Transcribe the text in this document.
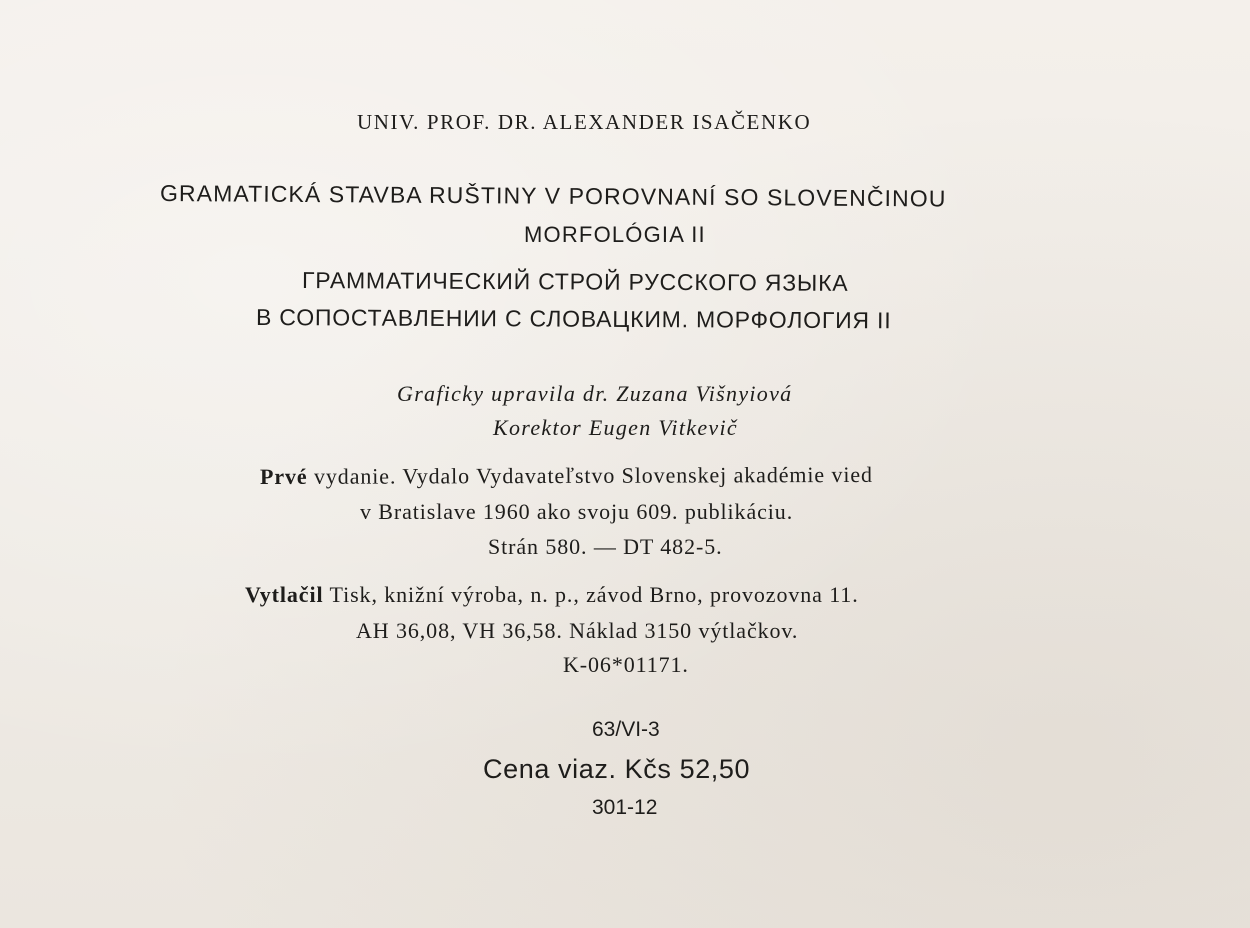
UNIV. PROF. DR. ALEXANDER ISAČENKO

GRAMATICKÁ STAVBA RUŠTINY V POROVNANÍ SO SLOVENČINOU

MORFOLÓGIA II

ГРАММАТИЧЕСКИЙ СТРОЙ РУССКОГО ЯЗЫКА

В СОПОСТАВЛЕНИИ С СЛОВАЦКИМ. МОРФОЛОГИЯ II

Graficky upravila dr. Zuzana Višnyiová

Korektor Eugen Vitkevič

Prvé vydanie. Vydalo Vydavateľstvo Slovenskej akadémie vied

v Bratislave 1960 ako svoju 609. publikáciu.

Strán 580. — DT 482-5.

Vytlačil Tisk, knižní výroba, n. p., závod Brno, provozovna 11.

AH 36,08, VH 36,58. Náklad 3150 výtlačkov.

K-06*01171.

63/VI-3

Cena viaz. Kčs 52,50

301-12
